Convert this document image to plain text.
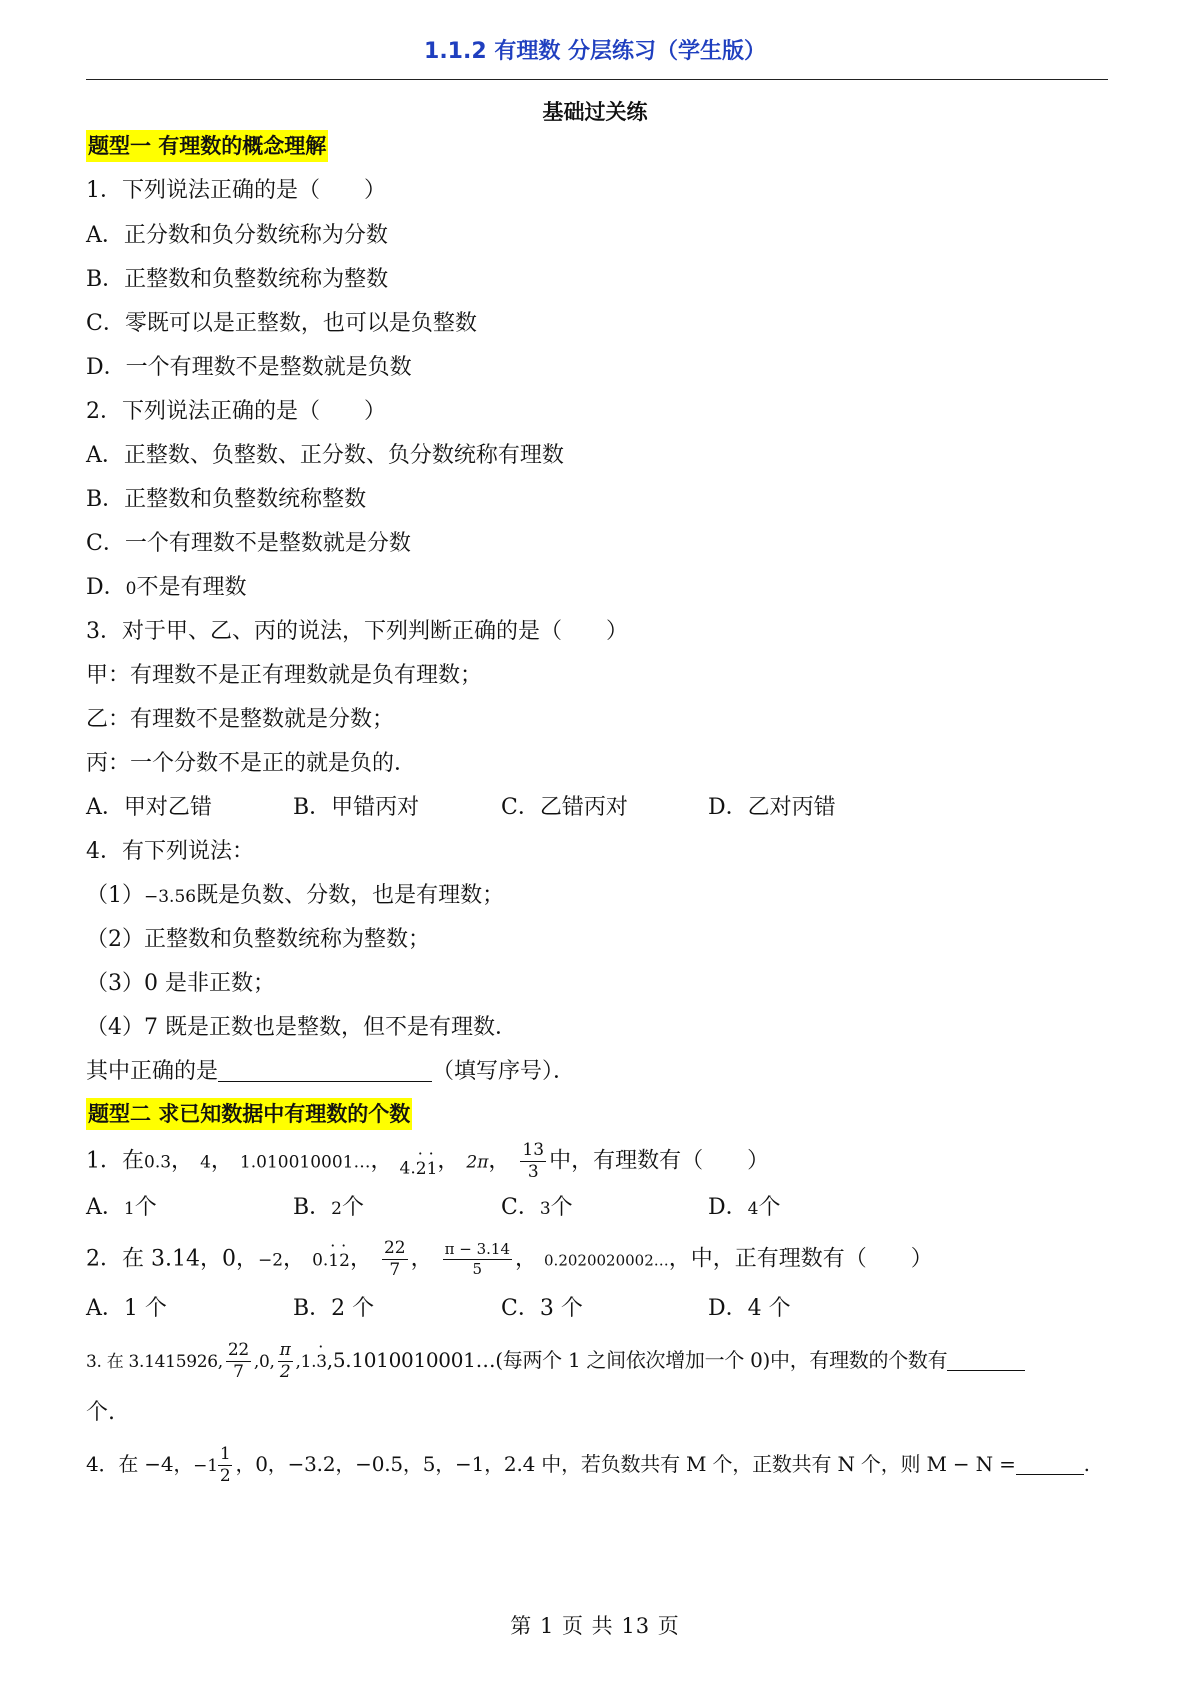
1.1.2 有理数 分层练习（学生版）
基础过关练
题型一 有理数的概念理解
1．下列说法正确的是（　　）
A．正分数和负分数统称为分数
B．正整数和负整数统称为整数
C．零既可以是正整数，也可以是负整数
D．一个有理数不是整数就是负数
2．下列说法正确的是（　　）
A．正整数、负整数、正分数、负分数统称有理数
B．正整数和负整数统称整数
C．一个有理数不是整数就是分数
D．0不是有理数
3．对于甲、乙、丙的说法，下列判断正确的是（　　）
甲：有理数不是正有理数就是负有理数；
乙：有理数不是整数就是分数；
丙：一个分数不是正的就是负的．
A．甲对乙错	B．甲错丙对	C．乙错丙对	D．乙对丙错
4．有下列说法：
（1）−3.56既是负数、分数，也是有理数；
（2）正整数和负整数统称为整数；
（3）0 是非正数；
（4）7 既是正数也是整数，但不是有理数．
其中正确的是	（填写序号）．
题型二 求已知数据中有理数的个数
1．在0.3， 4， 1.010010001…， $_{4.2 \cdot 1}$ ·， 2π， $\frac{13}{3}$ 中，有理数有（　　）
A．1个	B．2个	C．3个	D．4个
2．在 3.14，0，−2， 0.1 ·2 ·， $\frac{22}{7}$ ， $\frac{\pi - 3.14}{5}$ ， 0.2020020002…，中，正有理数有（　　）
A．1 个	B．2 个	C．3 个	D．4 个
3. 在 3.1415926, $\frac{22}{7} ,0$, $\frac{\pi}{2} ,1.3$ ·,5.1010010001…(每两个 1 之间依次增加一个 0)中，有理数的个数有
个.
4．在 −4，$-1 \frac{1}{2}$ ，0，−3.2，−0.5，5，−1，2.4 中，若负数共有 M 个，正数共有 N 个，则 M − N =	.
第 1 页 共 13 页
